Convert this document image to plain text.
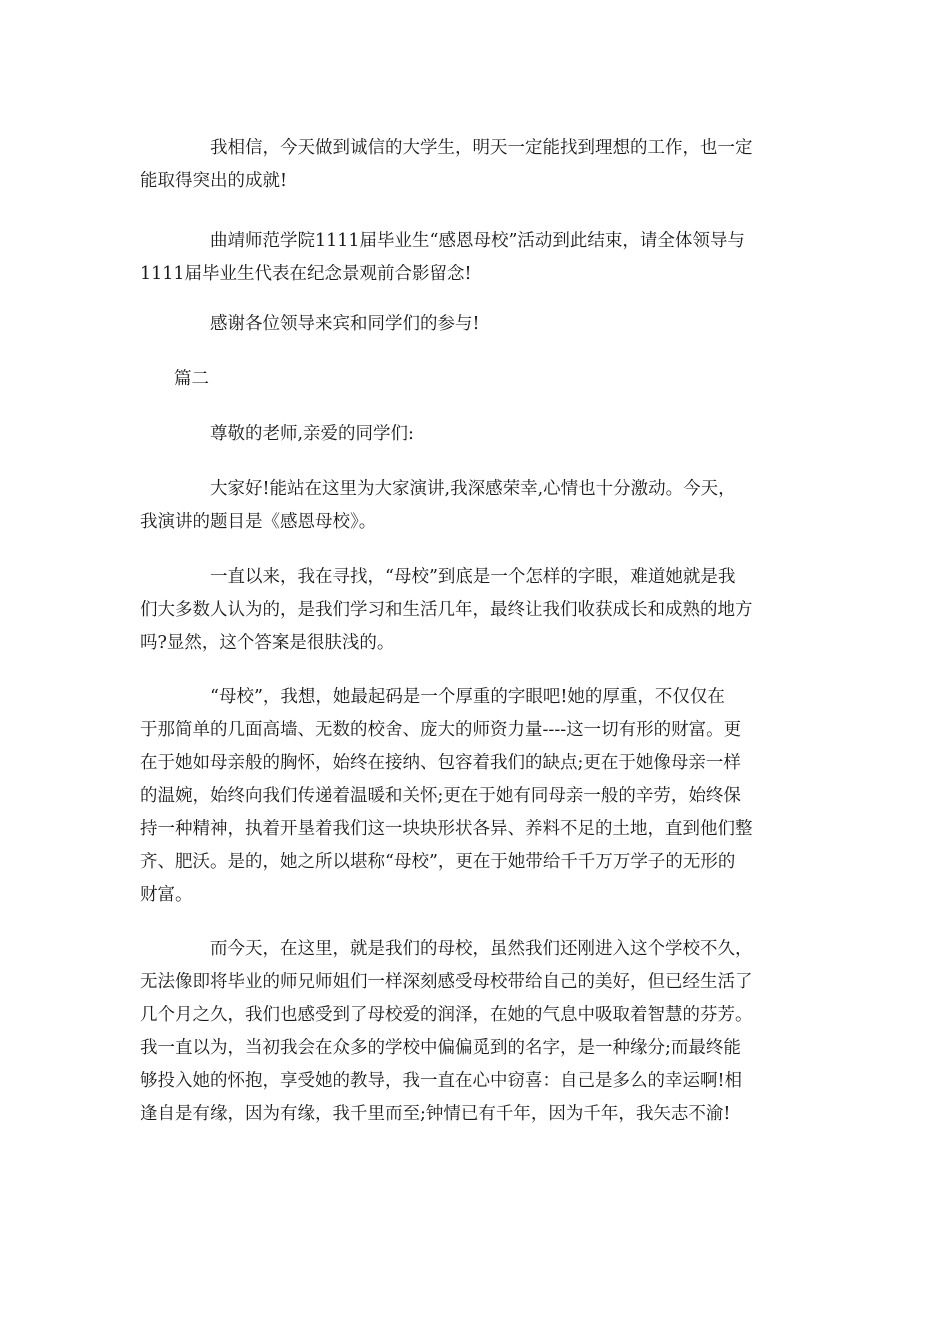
我相信，今天做到诚信的大学生，明天一定能找到理想的工作，也一定
能取得突出的成就!

曲靖师范学院1111届毕业生“感恩母校”活动到此结束，请全体领导与
1111届毕业生代表在纪念景观前合影留念!

感谢各位领导来宾和同学们的参与!

篇二

尊敬的老师,亲爱的同学们:

大家好!能站在这里为大家演讲,我深感荣幸,心情也十分激动。今天，
我演讲的题目是《感恩母校》。

一直以来，我在寻找，“母校”到底是一个怎样的字眼，难道她就是我
们大多数人认为的，是我们学习和生活几年，最终让我们收获成长和成熟的地方
吗?显然，这个答案是很肤浅的。

“母校”，我想，她最起码是一个厚重的字眼吧!她的厚重，不仅仅在
于那简单的几面高墙、无数的校舍、庞大的师资力量----这一切有形的财富。更
在于她如母亲般的胸怀，始终在接纳、包容着我们的缺点;更在于她像母亲一样
的温婉，始终向我们传递着温暖和关怀;更在于她有同母亲一般的辛劳，始终保
持一种精神，执着开垦着我们这一块块形状各异、养料不足的土地，直到他们整
齐、肥沃。是的，她之所以堪称“母校”，更在于她带给千千万万学子的无形的
财富。

而今天，在这里，就是我们的母校，虽然我们还刚进入这个学校不久，
无法像即将毕业的师兄师姐们一样深刻感受母校带给自己的美好，但已经生活了
几个月之久，我们也感受到了母校爱的润泽，在她的气息中吸取着智慧的芬芳。
我一直以为，当初我会在众多的学校中偏偏觅到的名字，是一种缘分;而最终能
够投入她的怀抱，享受她的教导，我一直在心中窃喜：自己是多么的幸运啊!相
逢自是有缘，因为有缘，我千里而至;钟情已有千年，因为千年，我矢志不渝!
